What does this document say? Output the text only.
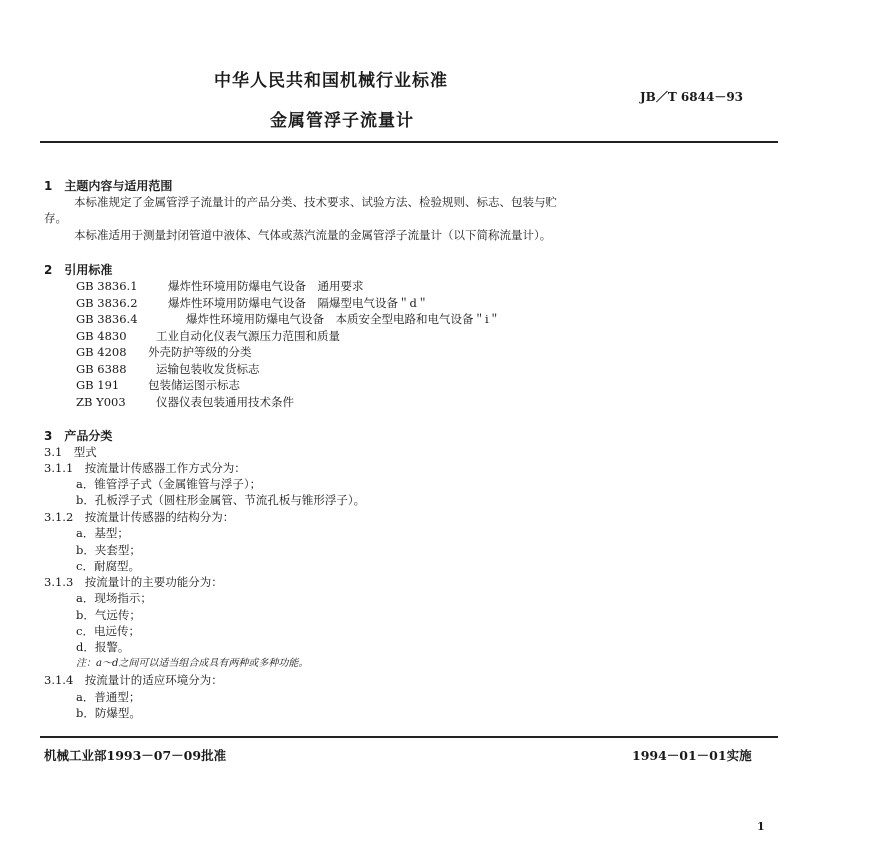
中华人民共和国机械行业标准
JB／T 6844－93
金属管浮子流量计
1　主题内容与适用范围
本标准规定了金属管浮子流量计的产品分类、技术要求、试验方法、检验规则、标志、包装与贮
存。
本标准适用于测量封闭管道中液体、气体或蒸汽流量的金属管浮子流量计（以下简称流量计）。
2　引用标准
GB 3836.1	爆炸性环境用防爆电气设备　通用要求
GB 3836.2	爆炸性环境用防爆电气设备　隔爆型电气设备＂d＂
GB 3836.4	爆炸性环境用防爆电气设备　本质安全型电路和电气设备＂i＂
GB 4830	工业自动化仪表气源压力范围和质量
GB 4208 外壳防护等级的分类
GB 6388	运输包装收发货标志
GB 191	包装储运图示标志
ZB Y003	仪器仪表包装通用技术条件
3　产品分类
3.1　型式
3.1.1　按流量计传感器工作方式分为：
a．锥管浮子式（金属锥管与浮子）；
b．孔板浮子式（圆柱形金属管、节流孔板与锥形浮子）。
3.1.2　按流量计传感器的结构分为：
a．基型；
b．夹套型；
c．耐腐型。
3.1.3　按流量计的主要功能分为：
a．现场指示；
b．气远传；
c．电远传；
d．报警。
注：a～d之间可以适当组合成具有两种或多种功能。
3.1.4　按流量计的适应环境分为：
a．普通型；
b．防爆型。
机械工业部1993－07－09批准	1994－01－01实施
1
